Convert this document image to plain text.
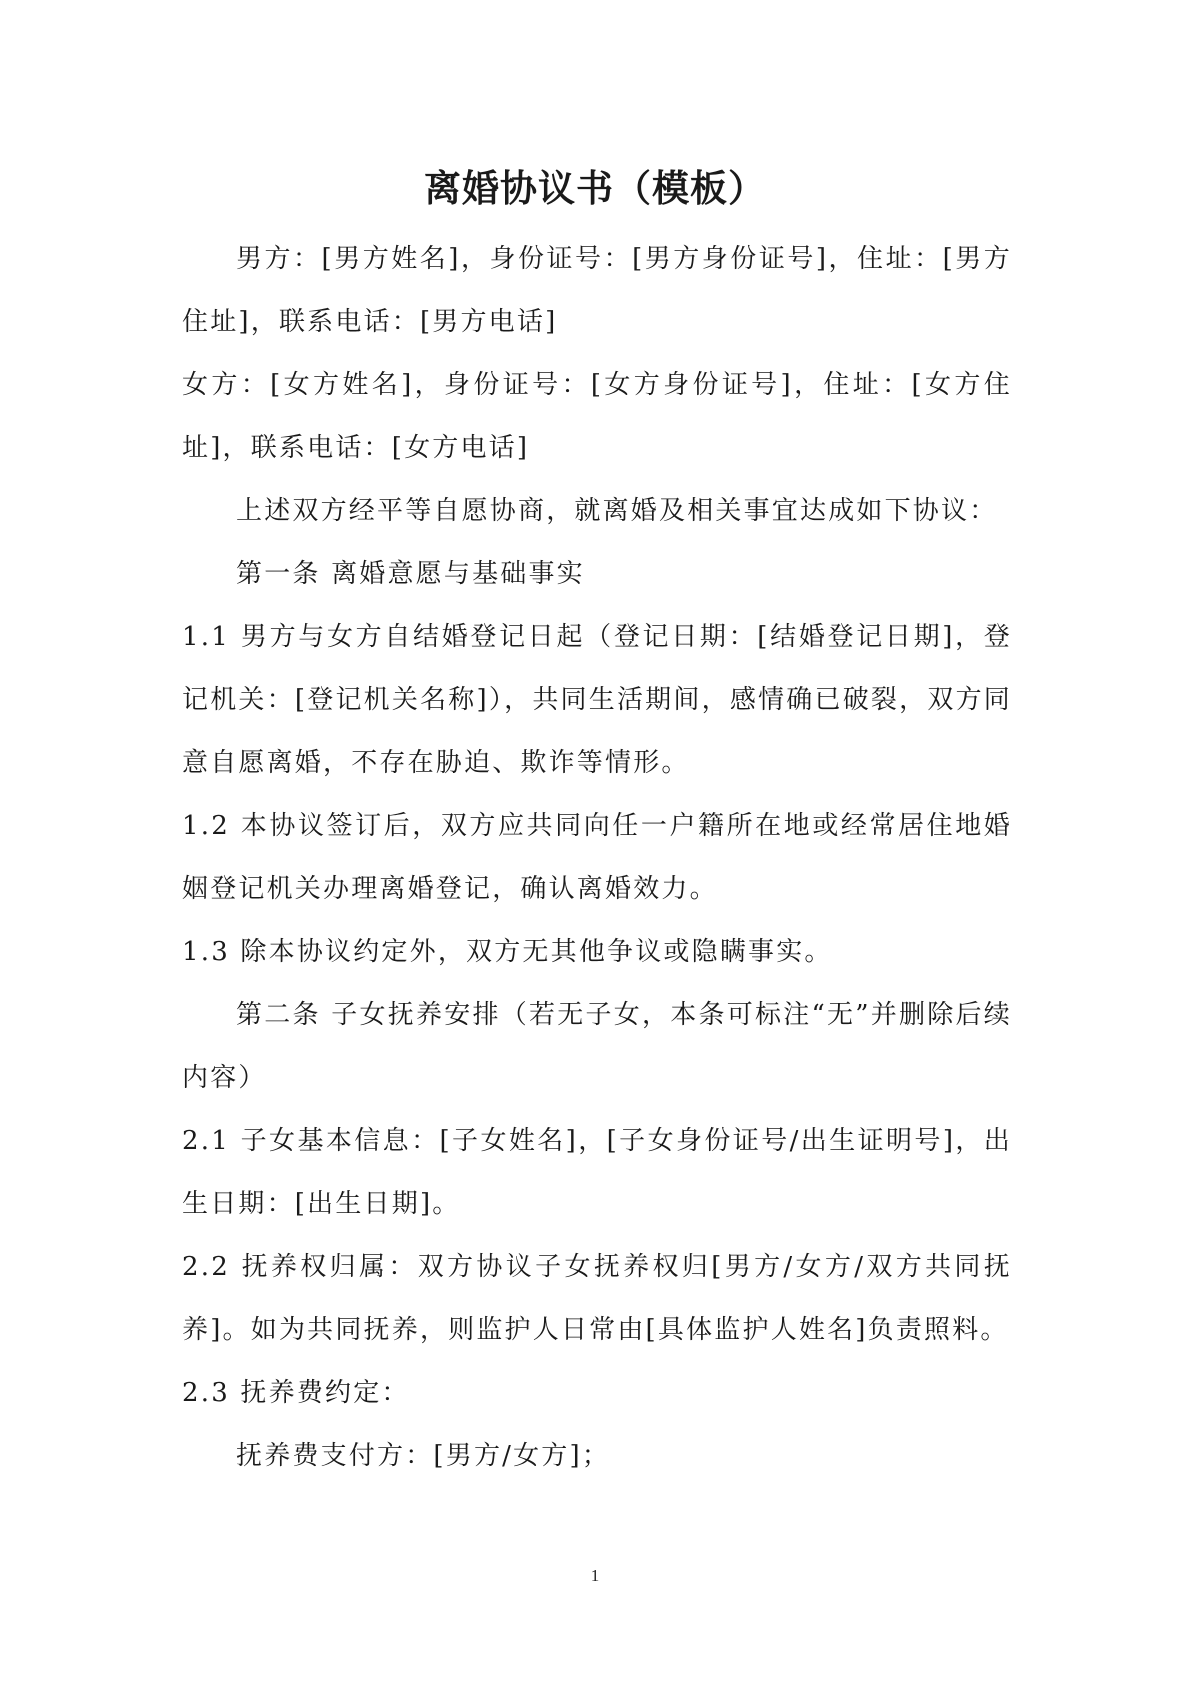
离婚协议书（模板）

男方：[男方姓名]，身份证号：[男方身份证号]，住址：[男方住址]，联系电话：[男方电话]

女方：[女方姓名]，身份证号：[女方身份证号]，住址：[女方住址]，联系电话：[女方电话]

上述双方经平等自愿协商，就离婚及相关事宜达成如下协议：

第一条 离婚意愿与基础事实

1.1 男方与女方自结婚登记日起（登记日期：[结婚登记日期]，登记机关：[登记机关名称]），共同生活期间，感情确已破裂，双方同意自愿离婚，不存在胁迫、欺诈等情形。

1.2 本协议签订后，双方应共同向任一户籍所在地或经常居住地婚姻登记机关办理离婚登记，确认离婚效力。

1.3 除本协议约定外，双方无其他争议或隐瞒事实。

第二条 子女抚养安排（若无子女，本条可标注“无”并删除后续内容）

2.1 子女基本信息：[子女姓名]，[子女身份证号/出生证明号]，出生日期：[出生日期]。

2.2 抚养权归属：双方协议子女抚养权归[男方/女方/双方共同抚养]。如为共同抚养，则监护人日常由[具体监护人姓名]负责照料。

2.3 抚养费约定：

抚养费支付方：[男方/女方]；

1
